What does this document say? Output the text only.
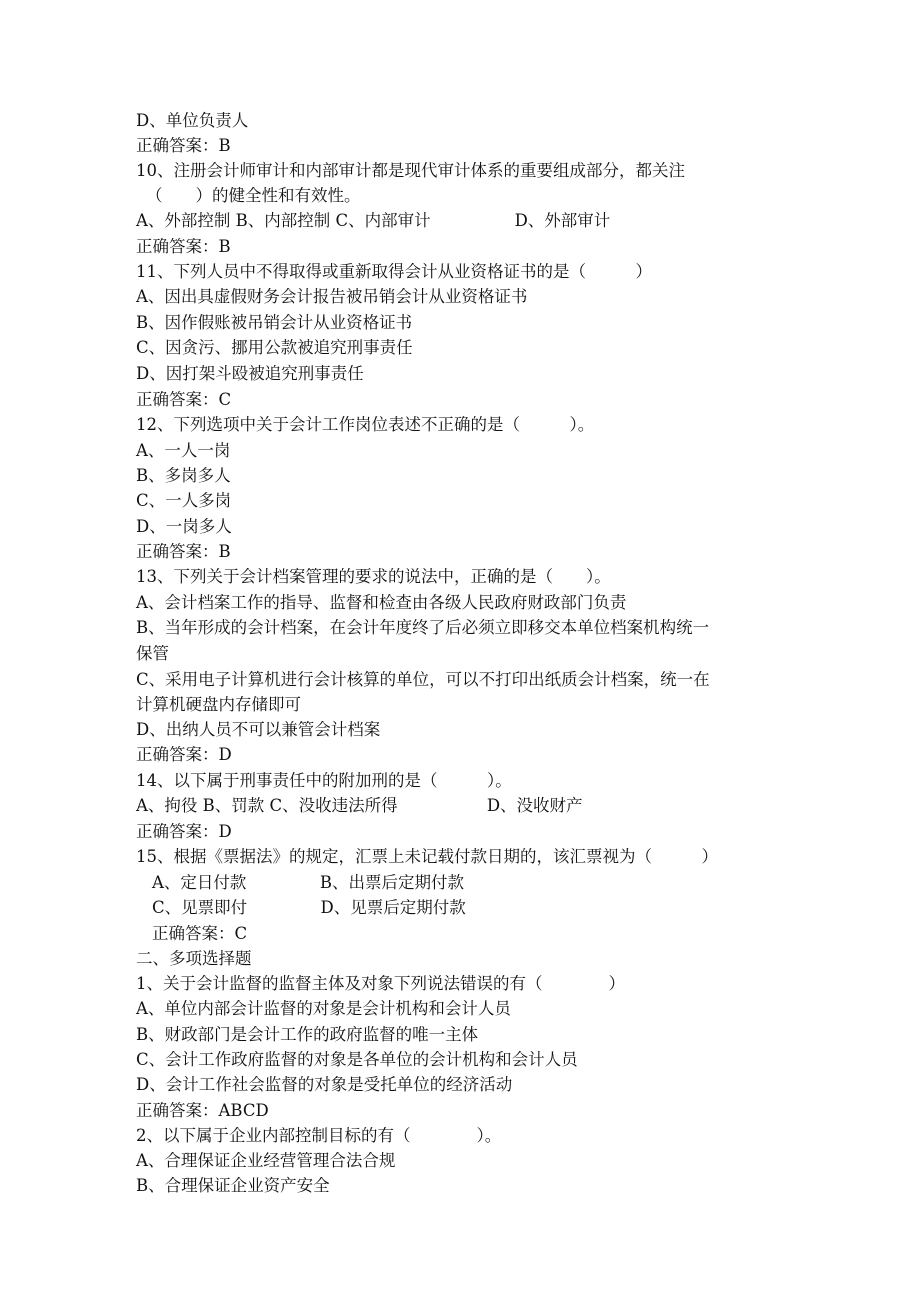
D、单位负责人
正确答案：B
10、注册会计师审计和内部审计都是现代审计体系的重要组成部分，都关注
（　　）的健全性和有效性。
A、外部控制 B、内部控制 C、内部审计                D、外部审计
正确答案：B
11、下列人员中不得取得或重新取得会计从业资格证书的是（　　　）
A、因出具虚假财务会计报告被吊销会计从业资格证书
B、因作假账被吊销会计从业资格证书
C、因贪污、挪用公款被追究刑事责任
D、因打架斗殴被追究刑事责任
正确答案：C
12、下列选项中关于会计工作岗位表述不正确的是（　　　）。
A、一人一岗
B、多岗多人
C、一人多岗
D、一岗多人
正确答案：B
13、下列关于会计档案管理的要求的说法中，正确的是（　　）。
A、会计档案工作的指导、监督和检查由各级人民政府财政部门负责
B、当年形成的会计档案，在会计年度终了后必须立即移交本单位档案机构统一
保管
C、采用电子计算机进行会计核算的单位，可以不打印出纸质会计档案，统一在
计算机硬盘内存储即可
D、出纳人员不可以兼管会计档案
正确答案：D
14、以下属于刑事责任中的附加刑的是（　　　）。
A、拘役 B、罚款 C、没收违法所得                 D、没收财产
正确答案：D
15、根据《票据法》的规定，汇票上未记载付款日期的，该汇票视为（　　　）
A、定日付款              B、出票后定期付款
C、见票即付              D、见票后定期付款
正确答案：C
二、多项选择题
1、关于会计监督的监督主体及对象下列说法错误的有（　　　　）
A、单位内部会计监督的对象是会计机构和会计人员
B、财政部门是会计工作的政府监督的唯一主体
C、会计工作政府监督的对象是各单位的会计机构和会计人员
D、会计工作社会监督的对象是受托单位的经济活动
正确答案：ABCD
2、以下属于企业内部控制目标的有（　　　　）。
A、合理保证企业经营管理合法合规
B、合理保证企业资产安全
